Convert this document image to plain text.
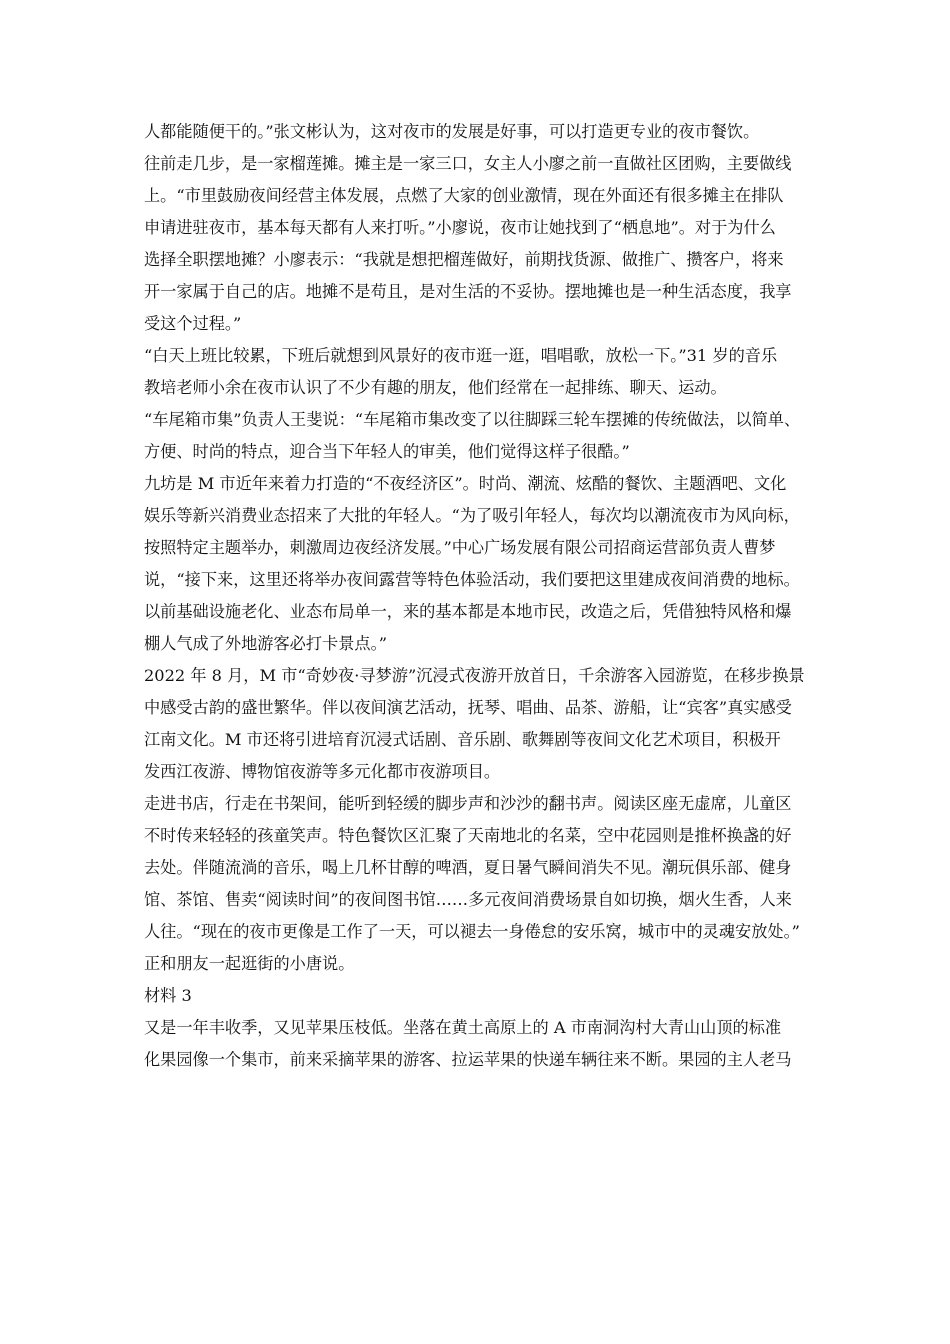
人都能随便干的。”张文彬认为，这对夜市的发展是好事，可以打造更专业的夜市餐饮。
往前走几步，是一家榴莲摊。摊主是一家三口，女主人小廖之前一直做社区团购，主要做线
上。“市里鼓励夜间经营主体发展，点燃了大家的创业激情，现在外面还有很多摊主在排队
申请进驻夜市，基本每天都有人来打听。”小廖说，夜市让她找到了“栖息地”。对于为什么
选择全职摆地摊？小廖表示：“我就是想把榴莲做好，前期找货源、做推广、攒客户，将来
开一家属于自己的店。地摊不是苟且，是对生活的不妥协。摆地摊也是一种生活态度，我享
受这个过程。”
“白天上班比较累，下班后就想到风景好的夜市逛一逛，唱唱歌，放松一下。”31 岁的音乐
教培老师小余在夜市认识了不少有趣的朋友，他们经常在一起排练、聊天、运动。
“车尾箱市集”负责人王斐说：“车尾箱市集改变了以往脚踩三轮车摆摊的传统做法，以简单、
方便、时尚的特点，迎合当下年轻人的审美，他们觉得这样子很酷。”
九坊是 M 市近年来着力打造的“不夜经济区”。时尚、潮流、炫酷的餐饮、主题酒吧、文化
娱乐等新兴消费业态招来了大批的年轻人。“为了吸引年轻人，每次均以潮流夜市为风向标，
按照特定主题举办，刺激周边夜经济发展。”中心广场发展有限公司招商运营部负责人曹梦
说，“接下来，这里还将举办夜间露营等特色体验活动，我们要把这里建成夜间消费的地标。
以前基础设施老化、业态布局单一，来的基本都是本地市民，改造之后，凭借独特风格和爆
棚人气成了外地游客必打卡景点。”
2022 年 8 月，M 市“奇妙夜·寻梦游”沉浸式夜游开放首日，千余游客入园游览，在移步换景
中感受古韵的盛世繁华。伴以夜间演艺活动，抚琴、唱曲、品茶、游船，让“宾客”真实感受
江南文化。M 市还将引进培育沉浸式话剧、音乐剧、歌舞剧等夜间文化艺术项目，积极开
发西江夜游、博物馆夜游等多元化都市夜游项目。
走进书店，行走在书架间，能听到轻缓的脚步声和沙沙的翻书声。阅读区座无虚席，儿童区
不时传来轻轻的孩童笑声。特色餐饮区汇聚了天南地北的名菜，空中花园则是推杯换盏的好
去处。伴随流淌的音乐，喝上几杯甘醇的啤酒，夏日暑气瞬间消失不见。潮玩俱乐部、健身
馆、茶馆、售卖“阅读时间”的夜间图书馆……多元夜间消费场景自如切换，烟火生香，人来
人往。“现在的夜市更像是工作了一天，可以褪去一身倦怠的安乐窝，城市中的灵魂安放处。”
正和朋友一起逛街的小唐说。
材料 3
又是一年丰收季，又见苹果压枝低。坐落在黄土高原上的 A 市南洞沟村大青山山顶的标准
化果园像一个集市，前来采摘苹果的游客、拉运苹果的快递车辆往来不断。果园的主人老马
